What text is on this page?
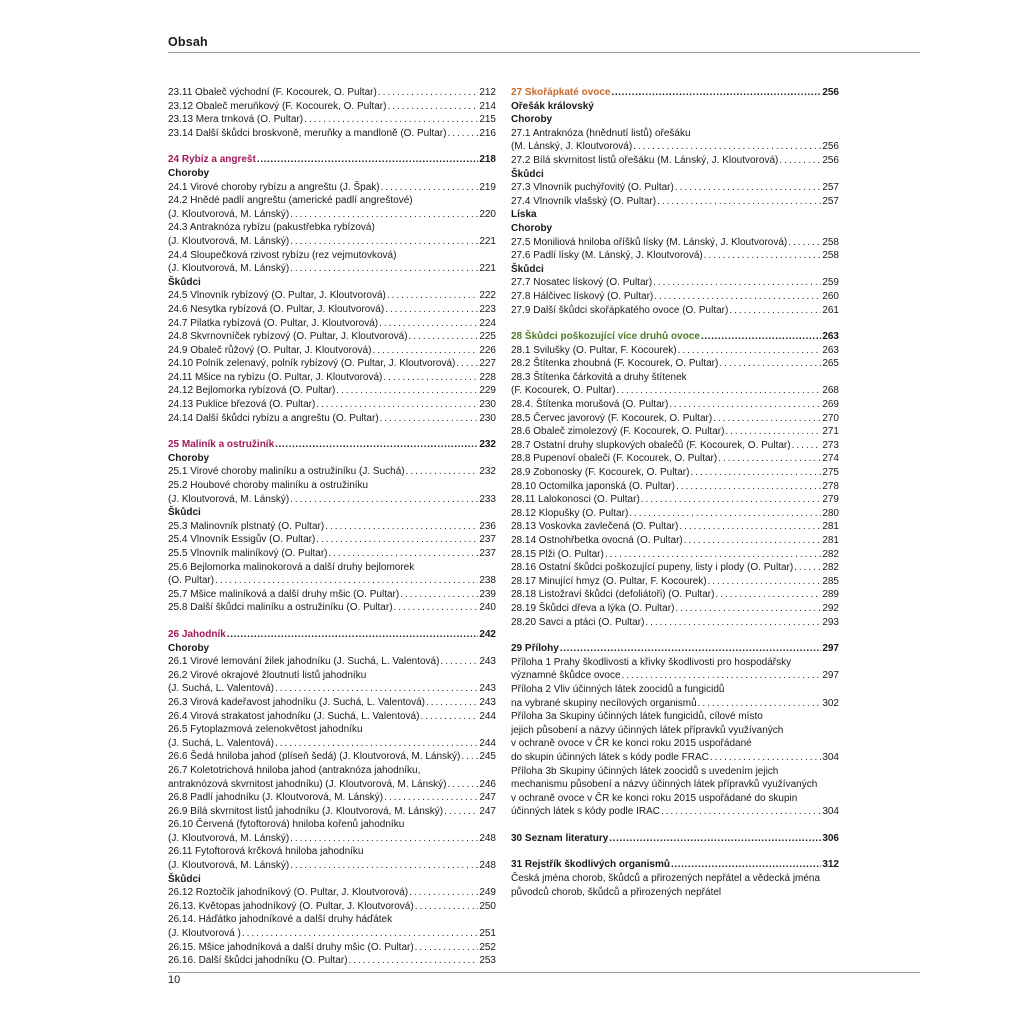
Obsah
23.11 Obaleč východní (F. Kocourek, O. Pultar) . . .	212
23.12 Obaleč meruňkový (F. Kocourek, O. Pultar) . . .	214
23.13 Mera trnková (O. Pultar) . . .	215
23.14 Další škůdci broskvoně, meruňky a mandloně (O. Pultar) . . .	216
24 Rybíz a angrešt .....	218
Choroby
24.1 Virové choroby rybízu a angreštu (J. Špak) . . .	219
24.2 Hnědé padlí angreštu (americké padlí angreštové)
(J. Kloutvorová, M. Lánský) . . .	220
24.3 Antraknóza rybízu (pakustřebka rybízová)
(J. Kloutvorová, M. Lánský) . . .	221
24.4 Sloupečková rzivost rybízu (rez vejmutovková)
(J. Kloutvorová, M. Lánský) . . .	221
Škůdci
24.5 Vlnovník rybízový (O. Pultar, J. Kloutvorová) . . .	222
24.6 Nesytka rybízová (O. Pultar, J. Kloutvorová) . . .	223
24.7 Pilatka rybízová (O. Pultar, J. Kloutvorová) . . .	224
24.8 Skvrnovníček rybízový (O. Pultar, J. Kloutvorová) . . .	225
24.9 Obaleč růžový (O. Pultar, J. Kloutvorová) . . .	226
24.10 Polník zelenavý, polník rybízový (O. Pultar, J. Kloutvorová) . . . 227
24.11 Mšice na rybízu (O. Pultar, J. Kloutvorová) . . .	228
24.12 Bejlomorka rybízová (O. Pultar) . . .	229
24.13 Puklice březová (O. Pultar) . . .	230
24.14 Další škůdci rybízu a angreštu (O. Pultar) . . .	230
25 Maliník a ostružiník .....	232
Choroby
25.1 Virové choroby maliníku a ostružiníku (J. Suchá) . . .	232
25.2 Houbové choroby maliníku a ostružiníku
(J. Kloutvorová, M. Lánský) . . .	233
Škůdci
25.3 Malinovník plstnatý (O. Pultar) . . .	236
25.4 Vlnovník Essigův (O. Pultar) . . .	237
25.5 Vlnovník maliníkový (O. Pultar) . . .	237
25.6 Bejlomorka malinokorová a další druhy bejlomorek
(O. Pultar) . . .	238
25.7 Mšice maliníková a další druhy mšic (O. Pultar) . . .	239
25.8 Další škůdci maliníku a ostružiníku (O. Pultar) . . .	240
26 Jahodník .....	242
Choroby
26.1 Virové lemování žilek jahodníku (J. Suchá, L. Valentová) . . .	243
26.2 Virové okrajové žloutnutí listů jahodníku
(J. Suchá, L. Valentová) . . .	243
26.3 Virová kadeřavost jahodníku (J. Suchá, L. Valentová) . . .	243
26.4 Virová strakatost jahodníku (J. Suchá, L. Valentová) . . .	244
26.5 Fytoplazmová zelenokvětost jahodníku
(J. Suchá, L. Valentová) . . .	244
26.6 Šedá hniloba jahod (plíseň šedá) (J. Kloutvorová, M. Lánský) . . . 245
26.7 Koletotrichová hniloba jahod (antraknóza jahodníku,
antraknózová skvrnitost jahodníku) (J. Kloutvorová, M. Lánský) . . .	246
26.8 Padlí jahodníku (J. Kloutvorová, M. Lánský) . . .	247
26.9 Bílá skvrnitost listů jahodníku (J. Kloutvorová, M. Lánský) . . .	247
26.10 Červená (fytoftorová) hniloba kořenů jahodníku
(J. Kloutvorová, M. Lánský) . . .	248
26.11 Fytoftorová krčková hniloba jahodníku
(J. Kloutvorová, M. Lánský) . . .	248
Škůdci
26.12 Roztočík jahodníkový (O. Pultar, J. Kloutvorová) . . .	249
26.13. Květopas jahodníkový (O. Pultar, J. Kloutvorová) . . .	250
26.14. Háďátko jahodníkové a další druhy háďátek
(J. Kloutvorová ) . . .	251
26.15. Mšice jahodníková a další druhy mšic (O. Pultar) . . .	252
26.16. Další škůdci jahodníku (O. Pultar) . . .	253
27 Skořápkaté ovoce .....	256
Ořešák královský
Choroby
27.1 Antraknóza (hnědnutí listů) ořešáku
(M. Lánský, J. Kloutvorová) . . .	256
27.2 Bílá skvrnitost listů ořešáku (M. Lánský, J. Kloutvorová) . . .	256
Škůdci
27.3 Vlnovník puchýřovitý (O. Pultar) . . .	257
27.4 Vlnovník vlašský (O. Pultar) . . .	257
Líska
Choroby
27.5 Moniliová hniloba oříšků lísky (M. Lánský, J. Kloutvorová) . . .	258
27.6 Padlí lísky (M. Lánský, J. Kloutvorová) . . .	258
Škůdci
27.7 Nosatec lískový (O. Pultar) . . .	259
27.8 Hálčivec lískový (O. Pultar) . . .	260
27.9 Další škůdci skořápkatého ovoce (O. Pultar) . . .	261
28 Škůdci poškozující více druhů ovoce .....	263
28.1 Svilušky (O. Pultar, F. Kocourek) . . .	263
28.2 Štítenka zhoubná (F. Kocourek, O. Pultar) . . .	265
28.3 Štítenka čárkovitá a druhy štítenek
(F. Kocourek, O. Pultar) . . .	268
28.4. Štítenka morušová (O. Pultar) . . .	269
28.5 Červec javorový (F. Kocourek, O. Pultar) . . .	270
28.6 Obaleč zimolezový (F. Kocourek, O. Pultar) . . .	271
28.7 Ostatní druhy slupkových obalečů (F. Kocourek, O. Pultar) . . .	273
28.8 Pupenoví obaleči (F. Kocourek, O. Pultar) . . .	274
28.9 Zobonosky (F. Kocourek, O. Pultar) . . .	275
28.10 Octomilka japonská (O. Pultar) . . .	278
28.11 Lalokonosci (O. Pultar) . . .	279
28.12 Klopušky (O. Pultar) . . .	280
28.13 Voskovka zavlečená (O. Pultar) . . .	281
28.14 Ostnohřbetka ovocná (O. Pultar) . . .	281
28.15 Plži (O. Pultar) . . .	282
28.16 Ostatní škůdci poškozující pupeny, listy i plody (O. Pultar) . . .	282
28.17 Minující hmyz (O. Pultar, F. Kocourek) . . .	285
28.18 Listožraví škůdci (defoliátoři) (O. Pultar) . . .	289
28.19 Škůdci dřeva a lýka (O. Pultar) . . .	292
28.20 Savci a ptáci (O. Pultar) . . .	293
29 Přílohy .....	297
Příloha 1 Prahy škodlivosti a křivky škodlivosti pro hospodářsky
významné škůdce ovoce . . .	297
Příloha 2 Vliv účinných látek zoocidů a fungicidů
na vybrané skupiny necílových organismů . . .	302
Příloha 3a Skupiny účinných látek fungicidů, cílové místo
jejich působení a názvy účinných látek přípravků využívaných
v ochraně ovoce v ČR ke konci roku 2015 uspořádané
do skupin účinných látek s kódy podle FRAC . . .	304
Příloha 3b Skupiny účinných látek zoocidů s uvedením jejich
mechanismu působení a názvy účinných látek přípravků využívaných
v ochraně ovoce v ČR ke konci roku 2015 uspořádané do skupin
účinných látek s kódy podle IRAC . . .	304
30 Seznam literatury .....	306
31 Rejstřík škodlivých organismů .....	312
Česká jména chorob, škůdců a přirozených nepřátel a vědecká jména
původců chorob, škůdců a přirozených nepřátel
10
